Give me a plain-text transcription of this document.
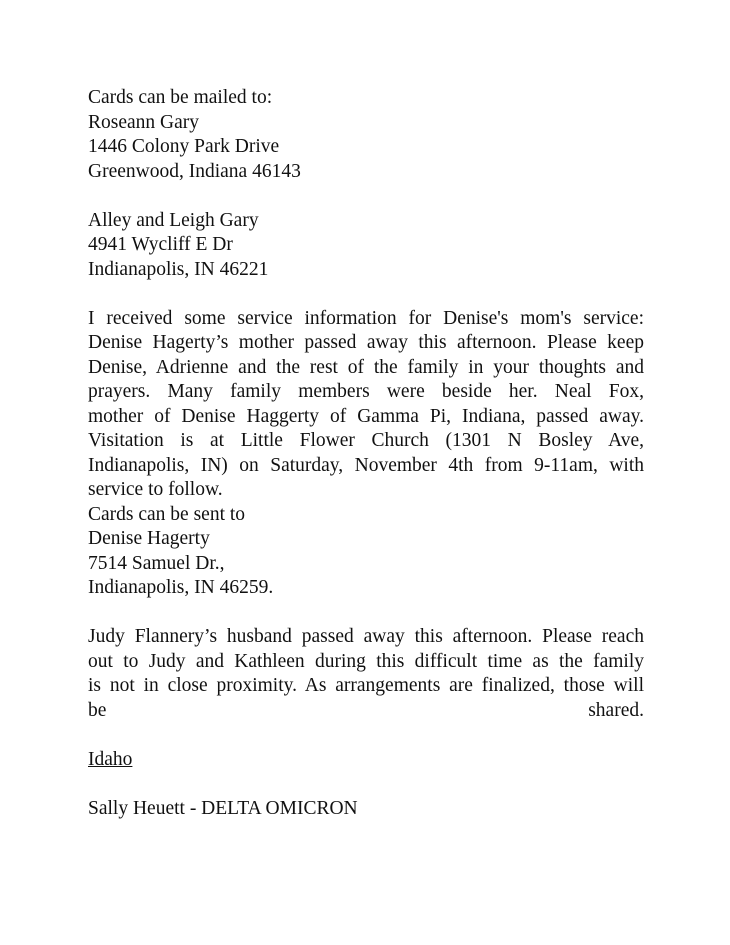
Cards can be mailed to:
Roseann Gary
1446 Colony Park Drive
Greenwood, Indiana 46143
Alley and Leigh Gary
4941 Wycliff E Dr
Indianapolis, IN 46221
I received some service information for Denise's mom's service:
Denise Hagerty’s mother passed away this afternoon. Please keep
Denise, Adrienne and the rest of the family in your thoughts and
prayers. Many family members were beside her. Neal Fox,
mother of Denise Haggerty of Gamma Pi, Indiana, passed away.
Visitation is at Little Flower Church (1301 N Bosley Ave,
Indianapolis, IN) on Saturday, November 4th from 9-11am, with
service to follow.
Cards can be sent to
Denise Hagerty
7514 Samuel Dr.,
Indianapolis, IN 46259.
Judy Flannery’s husband passed away this afternoon. Please reach
out to Judy and Kathleen during this difficult time as the family
is not in close proximity. As arrangements are finalized, those will
be	shared.
Idaho
Sally Heuett - DELTA OMICRON
